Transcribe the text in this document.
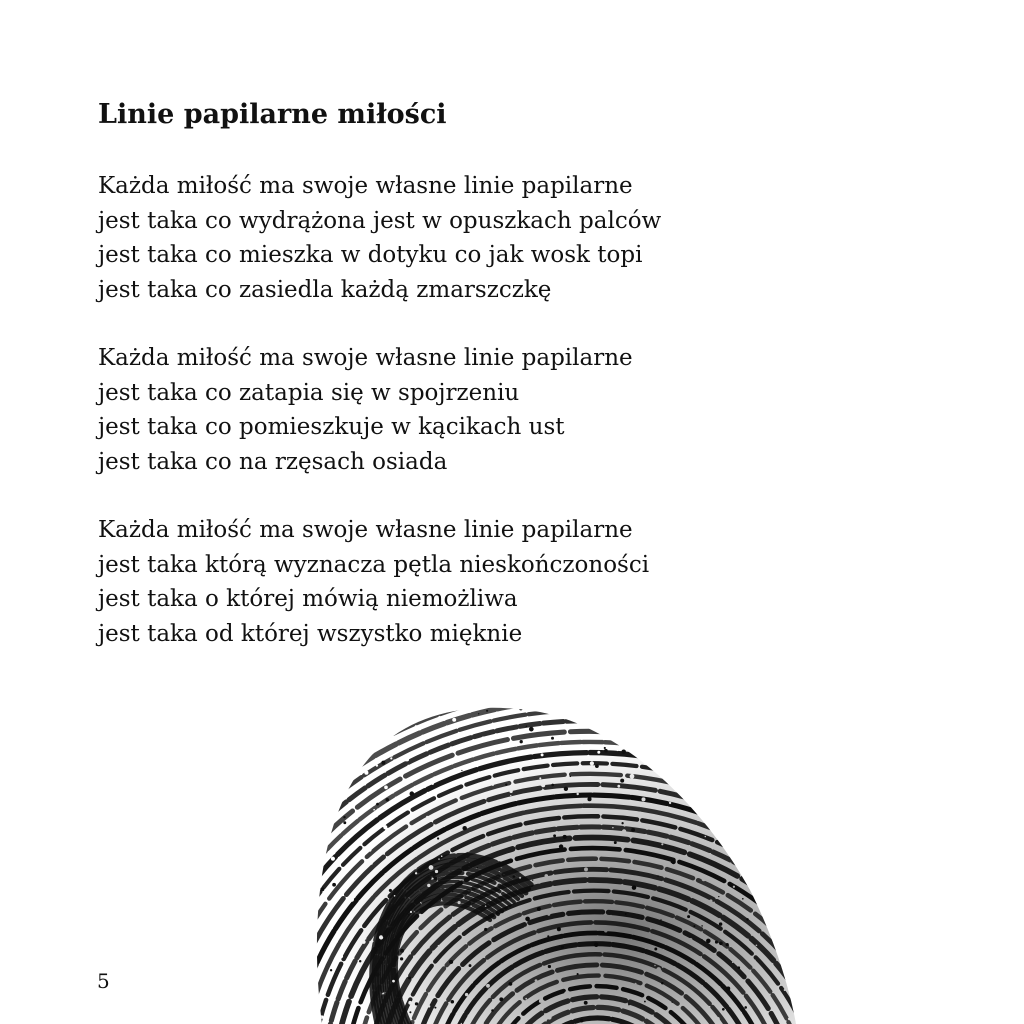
Linie papilarne miłości

Każda miłość ma swoje własne linie papilarne
jest taka co wydrążona jest w opuszkach palców
jest taka co mieszka w dotyku co jak wosk topi
jest taka co zasiedla każdą zmarszczkę

Każda miłość ma swoje własne linie papilarne
jest taka co zatapia się w spojrzeniu
jest taka co pomieszkuje w kącikach ust
jest taka co na rzęsach osiada

Każda miłość ma swoje własne linie papilarne
jest taka którą wyznacza pętla nieskończoności
jest taka o której mówią niemożliwa
jest taka od której wszystko mięknie

5
